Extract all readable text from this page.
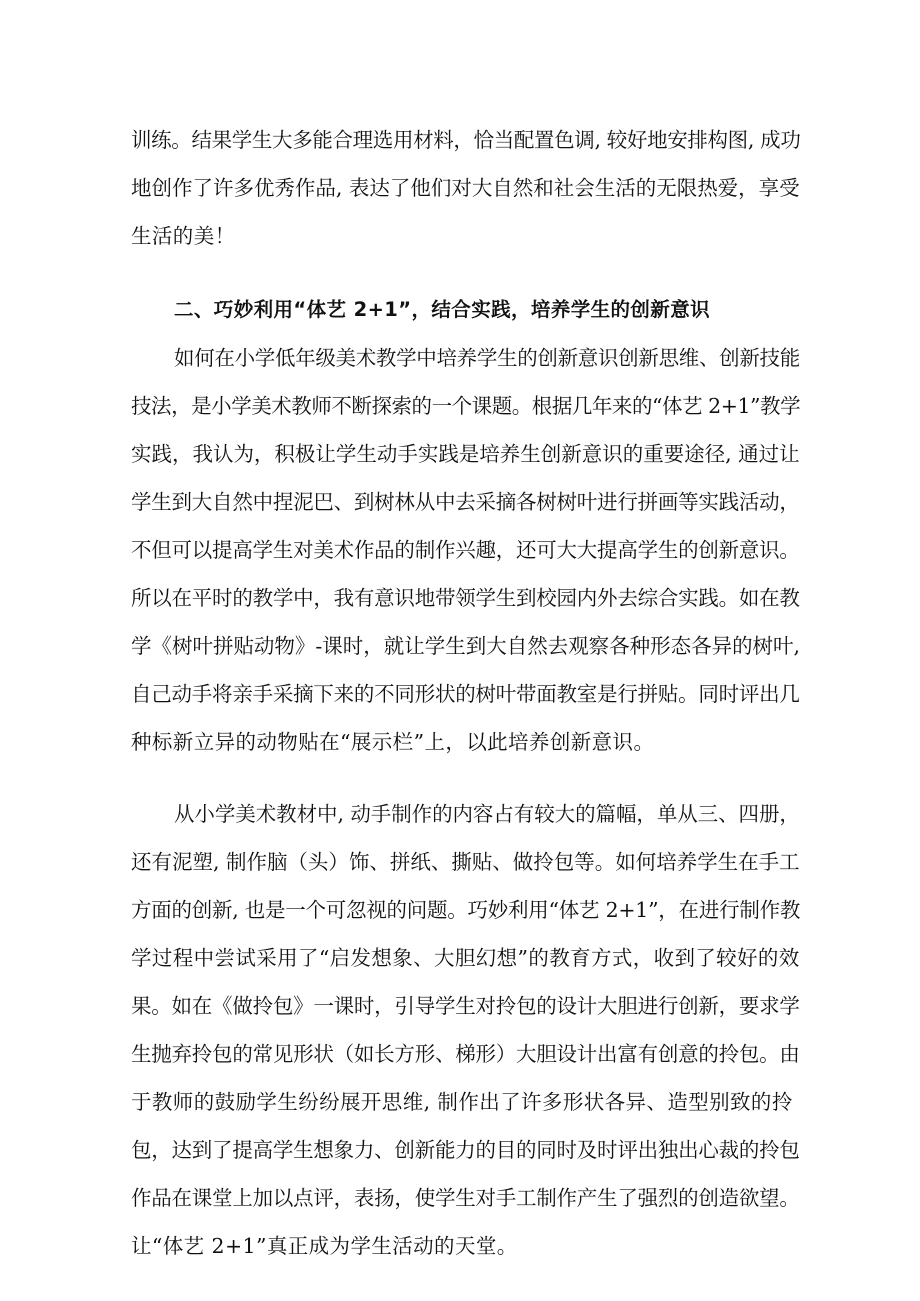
训练。结果学生大多能合理选用材料，恰当配置色调, 较好地安排构图, 成功
地创作了许多优秀作品, 表达了他们对大自然和社会生活的无限热爱，享受
生活的美！
二、巧妙利用“体艺 2+1”，结合实践，培养学生的创新意识
如何在小学低年级美术教学中培养学生的创新意识创新思维、创新技能
技法，是小学美术教师不断探索的一个课题。根据几年来的“体艺 2+1”教学
实践，我认为，积极让学生动手实践是培养生创新意识的重要途径, 通过让
学生到大自然中捏泥巴、到树林从中去采摘各树树叶进行拼画等实践活动，
不但可以提高学生对美术作品的制作兴趣，还可大大提高学生的创新意识。
所以在平时的教学中，我有意识地带领学生到校园内外去综合实践。如在教
学《树叶拼贴动物》-课时，就让学生到大自然去观察各种形态各异的树叶,
自己动手将亲手采摘下来的不同形状的树叶带面教室是行拼贴。同时评出几
种标新立异的动物贴在“展示栏”上，以此培养创新意识。
从小学美术教材中, 动手制作的内容占有较大的篇幅，单从三、四册，
还有泥塑, 制作脑（头）饰、拼纸、撕贴、做拎包等。如何培养学生在手工
方面的创新, 也是一个可忽视的问题。巧妙利用“体艺 2+1”，在进行制作教
学过程中尝试采用了“启发想象、大胆幻想”的教育方式，收到了较好的效
果。如在《做拎包》一课时，引导学生对拎包的设计大胆进行创新，要求学
生抛弃拎包的常见形状（如长方形、梯形）大胆设计出富有创意的拎包。由
于教师的鼓励学生纷纷展开思维, 制作出了许多形状各异、造型别致的拎
包，达到了提高学生想象力、创新能力的目的同时及时评出独出心裁的拎包
作品在课堂上加以点评，表扬，使学生对手工制作产生了强烈的创造欲望。
让“体艺 2+1”真正成为学生活动的天堂。
